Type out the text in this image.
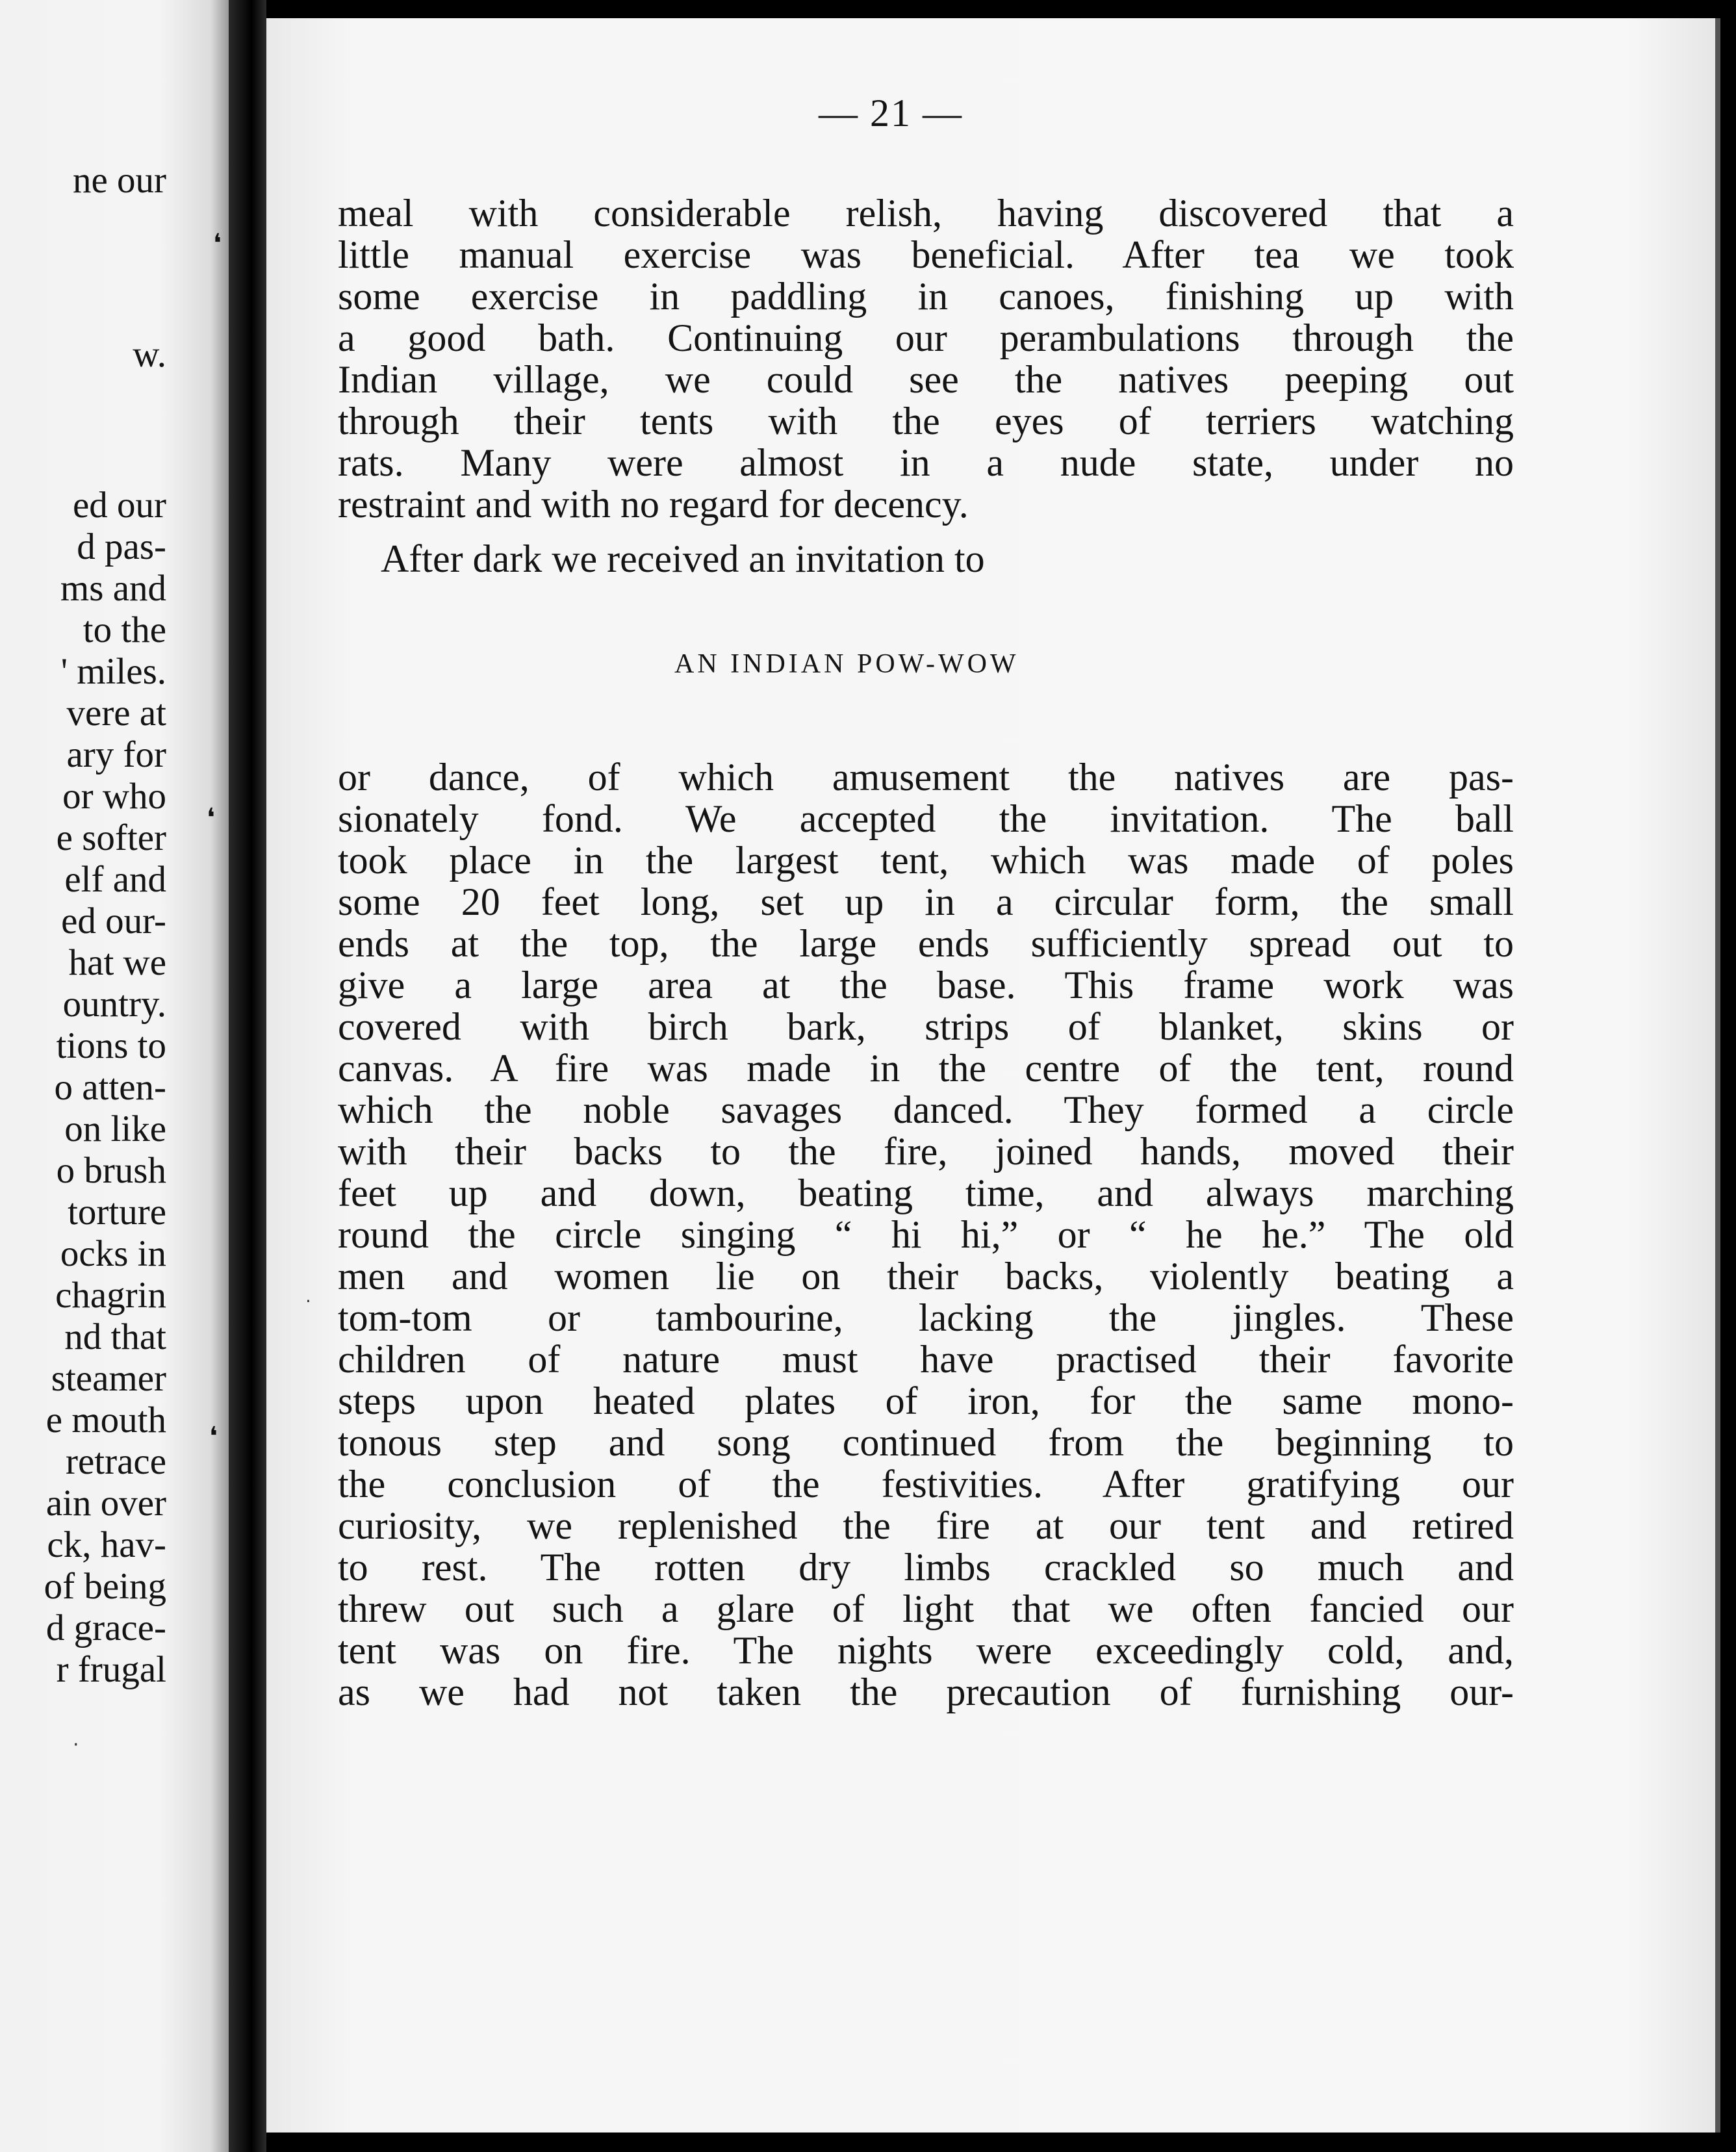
ne our
w.
ed our
d pas-
ms and
to the
' miles.
vere at
ary for
or who
e softer
elf and
ed our-
hat we
ountry.
tions to
o atten-
on like
o brush
torture
ocks in
chagrin
nd that
steamer
e mouth
retrace
ain over
ck, hav-
of being
d grace-
r frugal
❛
❛
❛
— 21 —
meal with considerable relish, having discovered that a
little manual exercise was beneficial. After tea we took
some exercise in paddling in canoes, finishing up with
a good bath. Continuing our perambulations through the
Indian village, we could see the natives peeping out
through their tents with the eyes of terriers watching
rats. Many were almost in a nude state, under no
restraint and with no regard for decency.
After dark we received an invitation to
AN INDIAN POW-WOW
or dance, of which amusement the natives are pas-
sionately fond. We accepted the invitation. The ball
took place in the largest tent, which was made of poles
some 20 feet long, set up in a circular form, the small
ends at the top, the large ends sufficiently spread out to
give a large area at the base. This frame work was
covered with birch bark, strips of blanket, skins or
canvas. A fire was made in the centre of the tent, round
which the noble savages danced. They formed a circle
with their backs to the fire, joined hands, moved their
feet up and down, beating time, and always marching
round the circle singing “ hi hi,” or “ he he.” The old
men and women lie on their backs, violently beating a
tom-tom or tambourine, lacking the jingles. These
children of nature must have practised their favorite
steps upon heated plates of iron, for the same mono-
tonous step and song continued from the beginning to
the conclusion of the festivities. After gratifying our
curiosity, we replenished the fire at our tent and retired
to rest. The rotten dry limbs crackled so much and
threw out such a glare of light that we often fancied our
tent was on fire. The nights were exceedingly cold, and,
as we had not taken the precaution of furnishing our-
·
·
